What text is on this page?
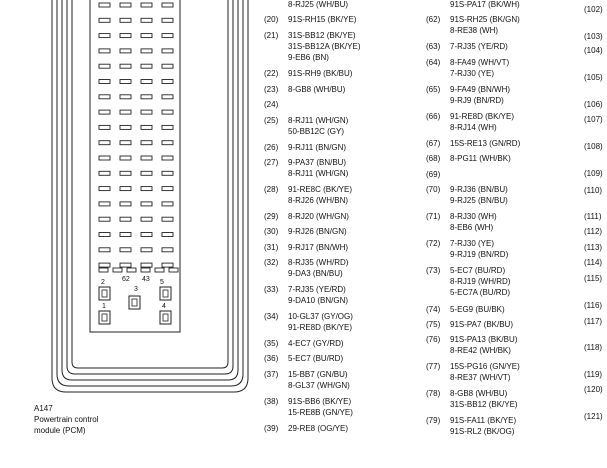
2 62 43 5
3
1	4
A147
Powertrain control
module (PCM)
8-RJ25 (WH/BU)
(20) 91S-RH15 (BK/YE)
(21) 31S-BB12 (BK/YE)
31S-BB12A (BK/YE)
9-EB6 (BN)
(22) 91S-RH9 (BK/BU)
(23) 8-GB8 (WH/BU)
(24)
(25) 8-RJ11 (WH/GN)
50-BB12C (GY)
(26) 9-RJ11 (BN/GN)
(27) 9-PA37 (BN/BU)
8-RJ11 (WH/GN)
(28) 91-RE8C (BK/YE)
8-RJ26 (WH/BN)
(29) 8-RJ20 (WH/GN)
(30) 9-RJ26 (BN/GN)
(31) 9-RJ17 (BN/WH)
(32) 8-RJ35 (WH/RD)
9-DA3 (BN/BU)
(33) 7-RJ35 (YE/RD)
9-DA10 (BN/GN)
(34) 10-GL37 (GY/OG)
91-RE8D (BK/YE)
(35) 4-EC7 (GY/RD)
(36) 5-EC7 (BU/RD)
(37) 15-BB7 (GN/BU)
8-GL37 (WH/GN)
(38) 91S-BB6 (BK/YE)
15-RE8B (GN/YE)
(39) 29-RE8 (OG/YE)
91S-PA17 (BK/WH)
(62) 91S-RH25 (BK/GN)
8-RE38 (WH)
(63) 7-RJ35 (YE/RD)
(64) 8-FA49 (WH/VT)
7-RJ30 (YE)
(65) 9-FA49 (BN/WH)
9-RJ9 (BN/RD)
(66) 91-RE8D (BK/YE)
8-RJ14 (WH)
(67) 15S-RE13 (GN/RD)
(68) 8-PG11 (WH/BK)
(69)
(70) 9-RJ36 (BN/BU)
9-RJ25 (BN/BU)
(71) 8-RJ30 (WH)
8-EB6 (WH)
(72) 7-RJ30 (YE)
9-RJ19 (BN/RD)
(73) 5-EC7 (BU/RD)
8-RJ19 (WH/RD)
5-EC7A (BU/RD)
(74) 5-EG9 (BU/BK)
(75) 91S-PA7 (BK/BU)
(76) 91S-PA13 (BK/BU)
8-RE42 (WH/BK)
(77) 15S-PG16 (GN/YE)
8-RE37 (WH/VT)
(78) 8-GB8 (WH/BU)
31S-BB12 (BK/YE)
(79) 91S-FA11 (BK/YE)
91S-RL2 (BK/OG)
(102)
(103)
(104)
(105)
(106)
(107)
(108)
(109)
(110)
(111)
(112)
(113)
(114)
(115)
(116)
(117)
(118)
(119)
(120)
(121)
